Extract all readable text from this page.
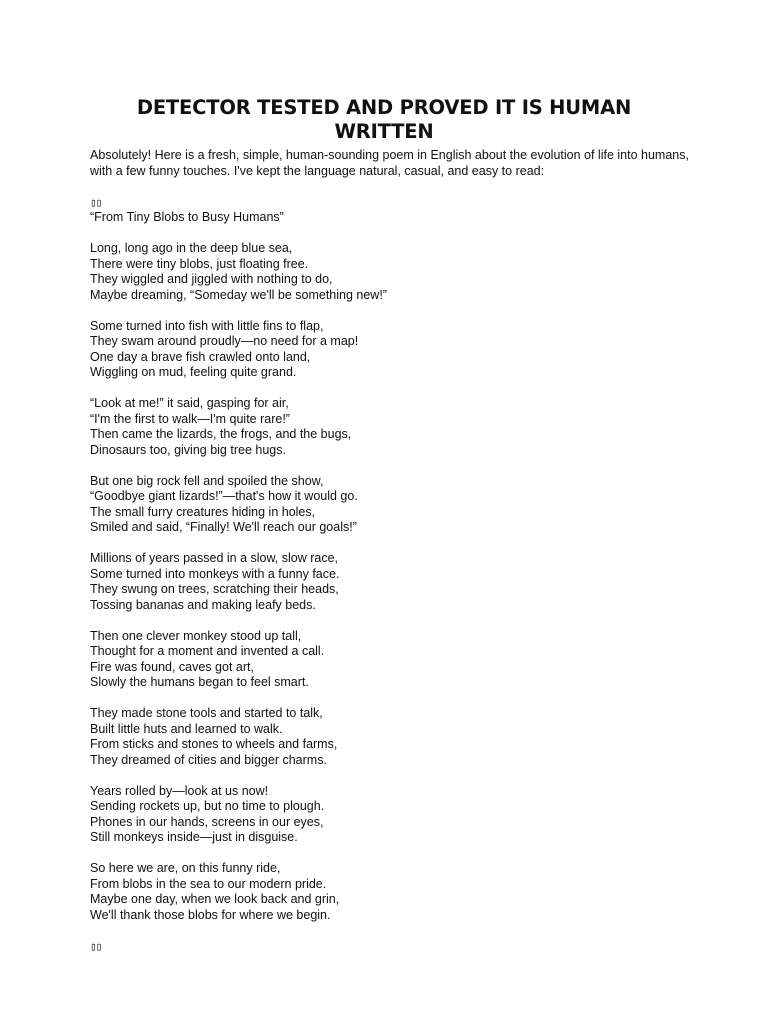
DETECTOR TESTED AND PROVED IT IS HUMAN WRITTEN

Absolutely! Here is a fresh, simple, human-sounding poem in English about the evolution of life into humans, with a few funny touches. I've kept the language natural, casual, and easy to read:

▯▯
“From Tiny Blobs to Busy Humans”
Long, long ago in the deep blue sea,
There were tiny blobs, just floating free.
They wiggled and jiggled with nothing to do,
Maybe dreaming, “Someday we'll be something new!”
Some turned into fish with little fins to flap,
They swam around proudly—no need for a map!
One day a brave fish crawled onto land,
Wiggling on mud, feeling quite grand.
“Look at me!” it said, gasping for air,
“I'm the first to walk—I'm quite rare!”
Then came the lizards, the frogs, and the bugs,
Dinosaurs too, giving big tree hugs.
But one big rock fell and spoiled the show,
“Goodbye giant lizards!”—that's how it would go.
The small furry creatures hiding in holes,
Smiled and said, “Finally! We'll reach our goals!”
Millions of years passed in a slow, slow race,
Some turned into monkeys with a funny face.
They swung on trees, scratching their heads,
Tossing bananas and making leafy beds.
Then one clever monkey stood up tall,
Thought for a moment and invented a call.
Fire was found, caves got art,
Slowly the humans began to feel smart.
They made stone tools and started to talk,
Built little huts and learned to walk.
From sticks and stones to wheels and farms,
They dreamed of cities and bigger charms.
Years rolled by—look at us now!
Sending rockets up, but no time to plough.
Phones in our hands, screens in our eyes,
Still monkeys inside—just in disguise.
So here we are, on this funny ride,
From blobs in the sea to our modern pride.
Maybe one day, when we look back and grin,
We'll thank those blobs for where we begin.
▯▯
